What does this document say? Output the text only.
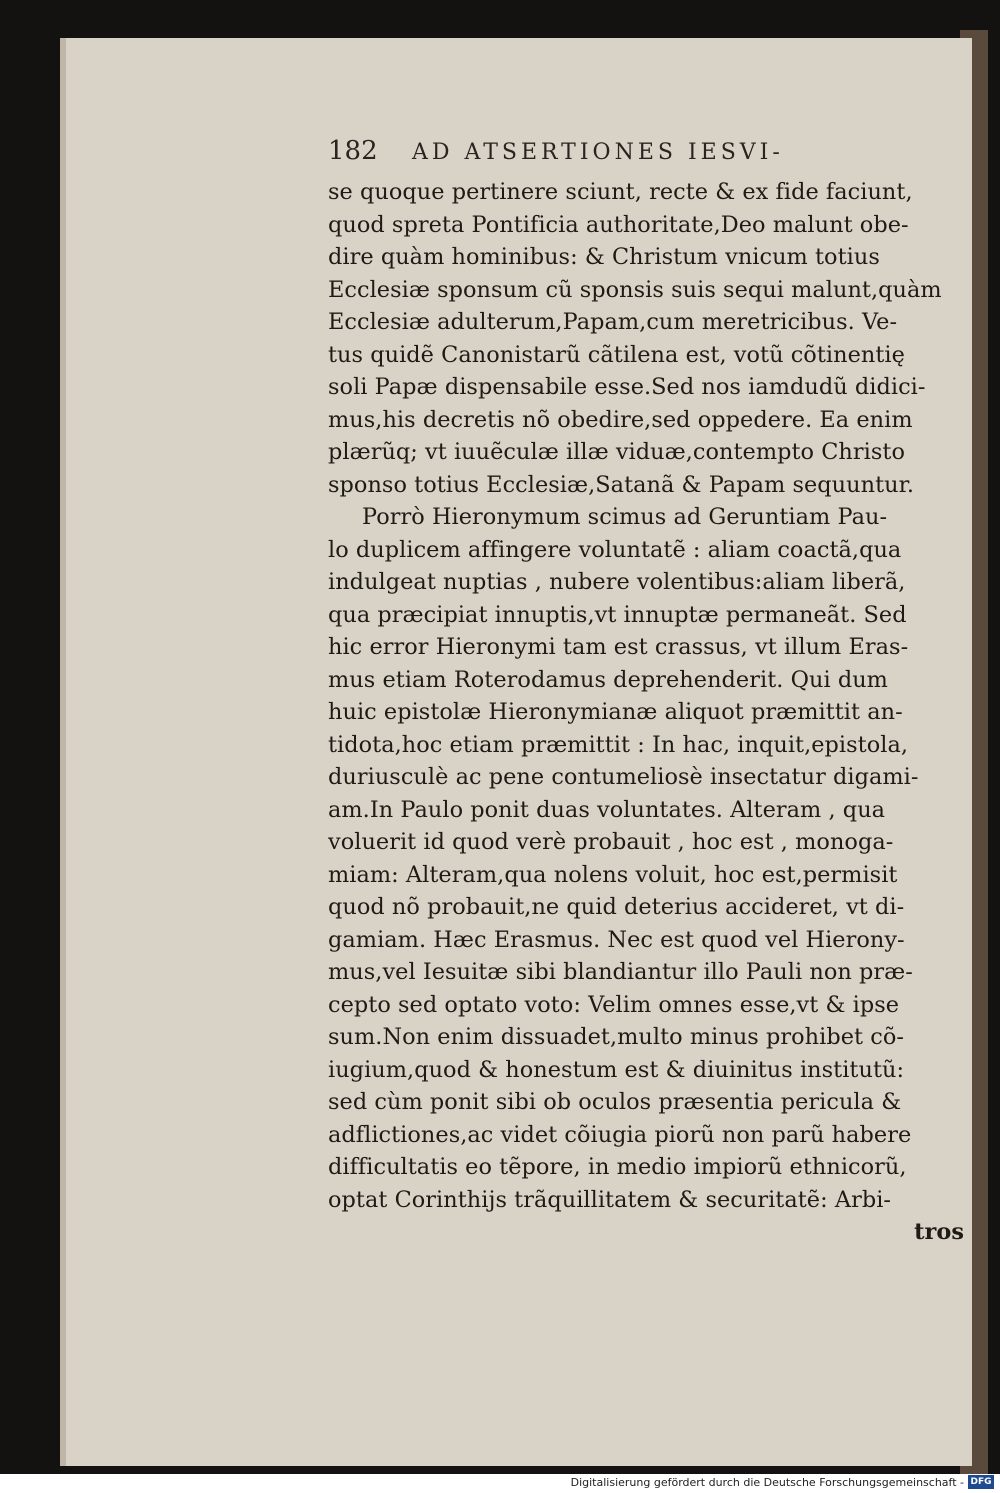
182	AD ATSERTIONES IESVI-
se quoque pertinere sciunt, recte & ex fide faciunt,
quod spreta Pontificia authoritate,Deo malunt obe-
dire quàm hominibus: & Christum vnicum totius
Ecclesiæ sponsum cũ sponsis suis sequi malunt,quàm
Ecclesiæ adulterum,Papam,cum meretricibus. Ve-
tus quidẽ Canonistarũ cãtilena est, votũ cõtinentię
soli Papæ dispensabile esse.Sed nos iamdudũ didici-
mus,his decretis nõ obedire,sed oppedere. Ea enim
plærũq; vt iuuẽculæ illæ viduæ,contempto Christo
sponso totius Ecclesiæ,Satanã & Papam sequuntur.
Porrò Hieronymum scimus ad Geruntiam Pau-
lo duplicem affingere voluntatẽ : aliam coactã,qua
indulgeat nuptias , nubere volentibus:aliam liberã,
qua præcipiat innuptis,vt innuptæ permaneãt. Sed
hic error Hieronymi tam est crassus, vt illum Eras-
mus etiam Roterodamus deprehenderit. Qui dum
huic epistolæ Hieronymianæ aliquot præmittit an-
tidota,hoc etiam præmittit : In hac, inquit,epistola,
duriusculè ac pene contumeliosè insectatur digami-
am.In Paulo ponit duas voluntates. Alteram , qua
voluerit id quod verè probauit , hoc est , monoga-
miam: Alteram,qua nolens voluit, hoc est,permisit
quod nõ probauit,ne quid deterius accideret, vt di-
gamiam. Hæc Erasmus. Nec est quod vel Hierony-
mus,vel Iesuitæ sibi blandiantur illo Pauli non præ-
cepto sed optato voto: Velim omnes esse,vt & ipse
sum.Non enim dissuadet,multo minus prohibet cõ-
iugium,quod & honestum est & diuinitus institutũ:
sed cùm ponit sibi ob oculos præsentia pericula &
adflictiones,ac videt cõiugia piorũ non parũ habere
difficultatis eo tẽpore, in medio impiorũ ethnicorũ,
optat Corinthijs trãquillitatem & securitatẽ: Arbi-
tros
Digitalisierung gefördert durch die Deutsche Forschungsgemeinschaft - DFG
